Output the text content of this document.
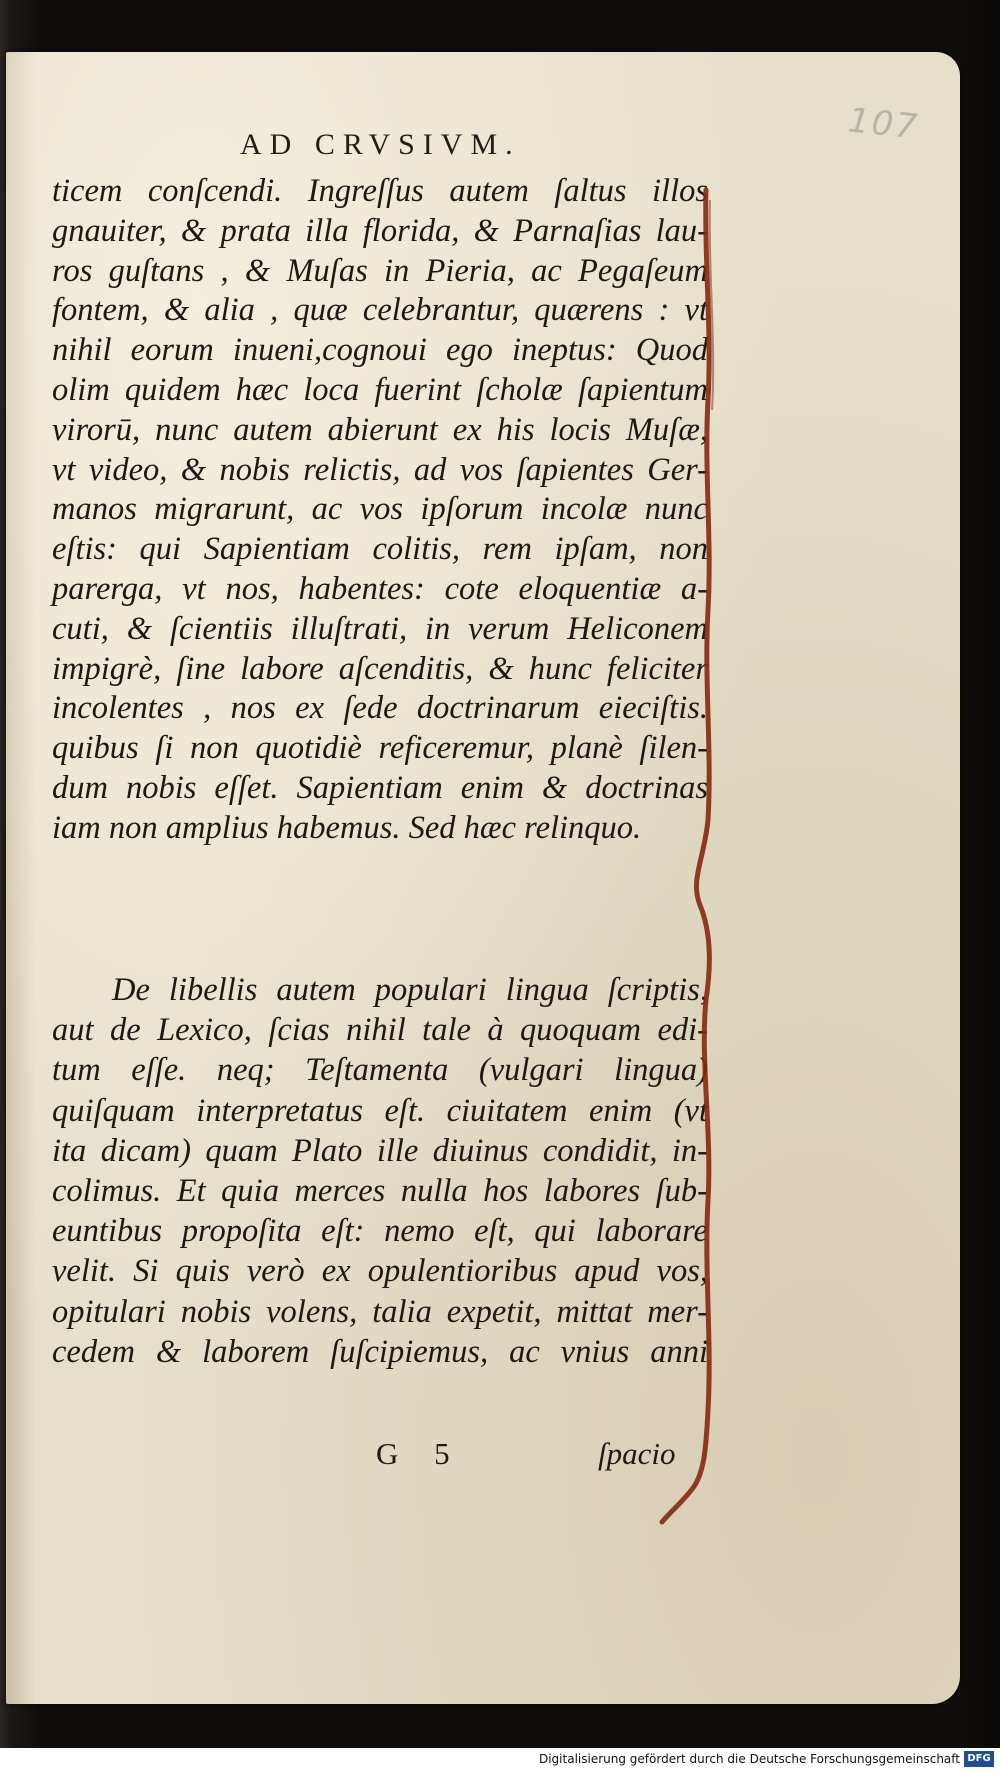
107
AD CRVSIVM.
ticem conſcendi. Ingreſſus autem ſaltus illos
gnauiter, & prata illa florida, & Parnaſias lau-
ros guſtans , & Muſas in Pieria, ac Pegaſeum
fontem, & alia , quæ celebrantur, quærens : vt
nihil eorum inueni,cognoui ego ineptus: Quod
olim quidem hæc loca fuerint ſcholæ ſapientum
virorū, nunc autem abierunt ex his locis Muſæ,
vt video, & nobis relictis, ad vos ſapientes Ger-
manos migrarunt, ac vos ipſorum incolæ nunc
eſtis: qui Sapientiam colitis, rem ipſam, non
parerga, vt nos, habentes: cote eloquentiæ a-
cuti, & ſcientiis illuſtrati, in verum Heliconem
impigrè, ſine labore aſcenditis, & hunc feliciter
incolentes , nos ex ſede doctrinarum eieciſtis.
quibus ſi non quotidiè reficeremur, planè ſilen-
dum nobis eſſet. Sapientiam enim & doctrinas
iam non amplius habemus. Sed hæc relinquo.
De libellis autem populari lingua ſcriptis,
aut de Lexico, ſcias nihil tale à quoquam edi-
tum eſſe. neq; Teſtamenta (vulgari lingua)
quiſquam interpretatus eſt. ciuitatem enim (vt
ita dicam) quam Plato ille diuinus condidit, in-
colimus. Et quia merces nulla hos labores ſub-
euntibus propoſita eſt: nemo eſt, qui laborare
velit. Si quis verò ex opulentioribus apud vos,
opitulari nobis volens, talia expetit, mittat mer-
cedem & laborem ſuſcipiemus, ac vnius anni
G 5	ſpacio
Digitalisierung gefördert durch die Deutsche Forschungsgemeinschaft DFG
